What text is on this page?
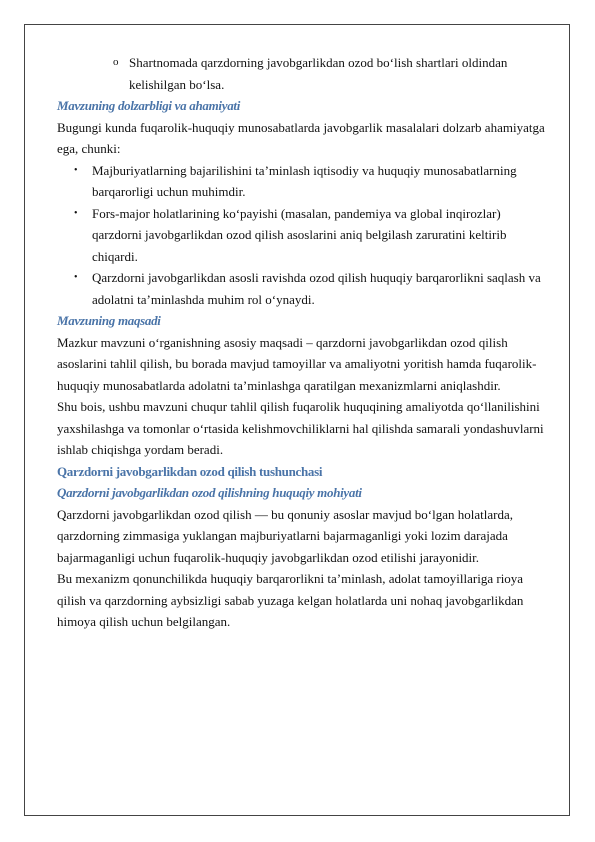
o Shartnomada qarzdorning javobgarlikdan ozod bo‘lish shartlari oldindan kelishilgan bo‘lsa.

Mavzuning dolzarbligi va ahamiyati

Bugungi kunda fuqarolik-huquqiy munosabatlarda javobgarlik masalalari dolzarb ahamiyatga ega, chunki:

• Majburiyatlarning bajarilishini ta’minlash iqtisodiy va huquqiy munosabatlarning barqarorligi uchun muhimdir.

• Fors-major holatlarining ko‘payishi (masalan, pandemiya va global inqirozlar) qarzdorni javobgarlikdan ozod qilish asoslarini aniq belgilash zaruratini keltirib chiqardi.

• Qarzdorni javobgarlikdan asosli ravishda ozod qilish huquqiy barqarorlikni saqlash va adolatni ta’minlashda muhim rol o‘ynaydi.

Mavzuning maqsadi

Mazkur mavzuni o‘rganishning asosiy maqsadi – qarzdorni javobgarlikdan ozod qilish asoslarini tahlil qilish, bu borada mavjud tamoyillar va amaliyotni yoritish hamda fuqarolik-huquqiy munosabatlarda adolatni ta’minlashga qaratilgan mexanizmlarni aniqlashdir.

Shu bois, ushbu mavzuni chuqur tahlil qilish fuqarolik huquqining amaliyotda qo‘llanilishini yaxshilashga va tomonlar o‘rtasida kelishmovchiliklarni hal qilishda samarali yondashuvlarni ishlab chiqishga yordam beradi.

Qarzdorni javobgarlikdan ozod qilish tushunchasi

Qarzdorni javobgarlikdan ozod qilishning huquqiy mohiyati

Qarzdorni javobgarlikdan ozod qilish — bu qonuniy asoslar mavjud bo‘lgan holatlarda, qarzdorning zimmasiga yuklangan majburiyatlarni bajarmaganligi yoki lozim darajada bajarmaganligi uchun fuqarolik-huquqiy javobgarlikdan ozod etilishi jarayonidir.

Bu mexanizm qonunchilikda huquqiy barqarorlikni ta’minlash, adolat tamoyillariga rioya qilish va qarzdorning aybsizligi sabab yuzaga kelgan holatlarda uni nohaq javobgarlikdan himoya qilish uchun belgilangan.
